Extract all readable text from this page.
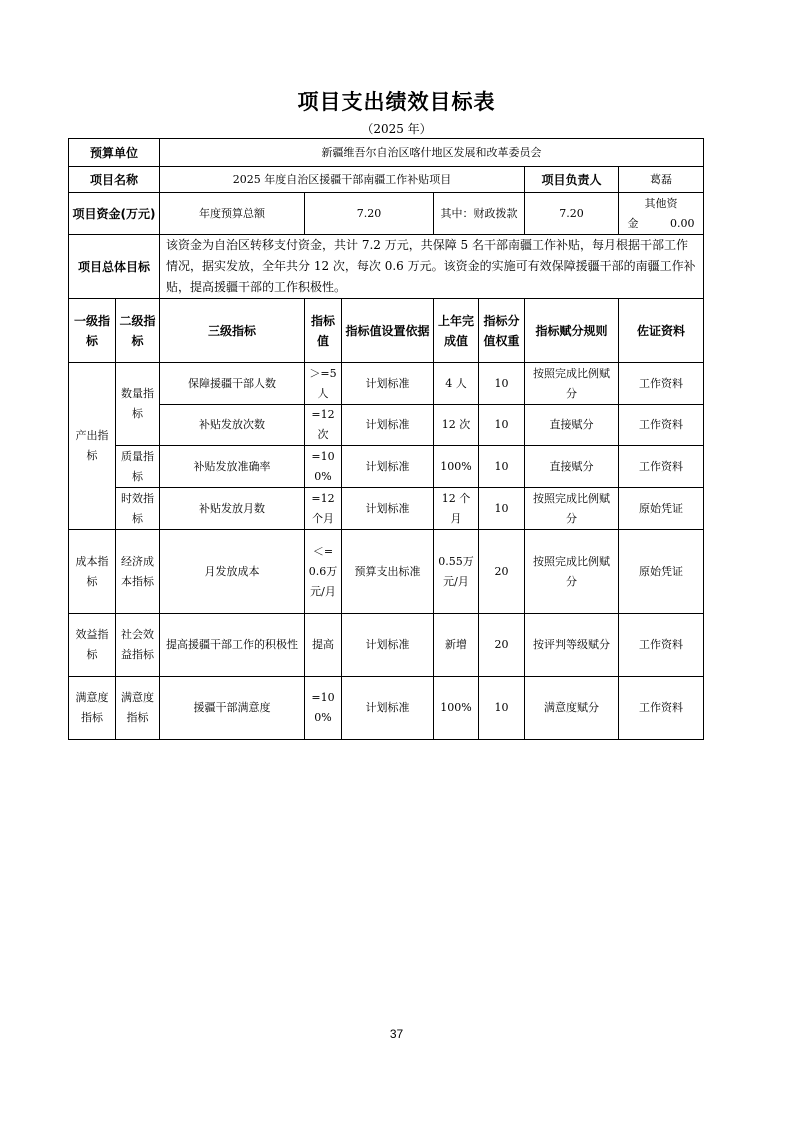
项目支出绩效目标表
（2025 年）
预算单位		新疆维吾尔自治区喀什地区发展和改革委员会						
项目名称		2025 年度自治区援疆干部南疆工作补贴项目					项目负责人	葛磊
项目资金(万元)		年度预算总额	7.20		其中：财政拨款		7.20	其他资金 0.00
项目总体目标		该资金为自治区转移支付资金，共计 7.2 万元，共保障 5 名干部南疆工作补贴，每月根据干部工作情况，据实发放，全年共分 12 次，每次 0.6 万元。该资金的实施可有效保障援疆干部的南疆工作补贴，提高援疆干部的工作积极性。						
一级指标	二级指标	三级指标	指标值	指标值设置依据	上年完成值	指标分值权重	指标赋分规则	佐证资料
产出指标	数量指标	保障援疆干部人数	＞=5人	计划标准	4 人	10	按照完成比例赋分	工作资料
		补贴发放次数	=12 次	计划标准	12 次	10	直接赋分	工作资料
	质量指标	补贴发放准确率	=100%	计划标准	100%	10	直接赋分	工作资料
	时效指标	补贴发放月数	=12 个月	计划标准	12 个月	10	按照完成比例赋分	原始凭证
成本指标	经济成本指标	月发放成本	＜=0.6万元/月	预算支出标准	0.55万元/月	20	按照完成比例赋分	原始凭证
效益指标	社会效益指标	提高援疆干部工作的积极性	提高	计划标准	新增	20	按评判等级赋分	工作资料
满意度指标	满意度指标	援疆干部满意度	=100%	计划标准	100%	10	满意度赋分	工作资料
37
